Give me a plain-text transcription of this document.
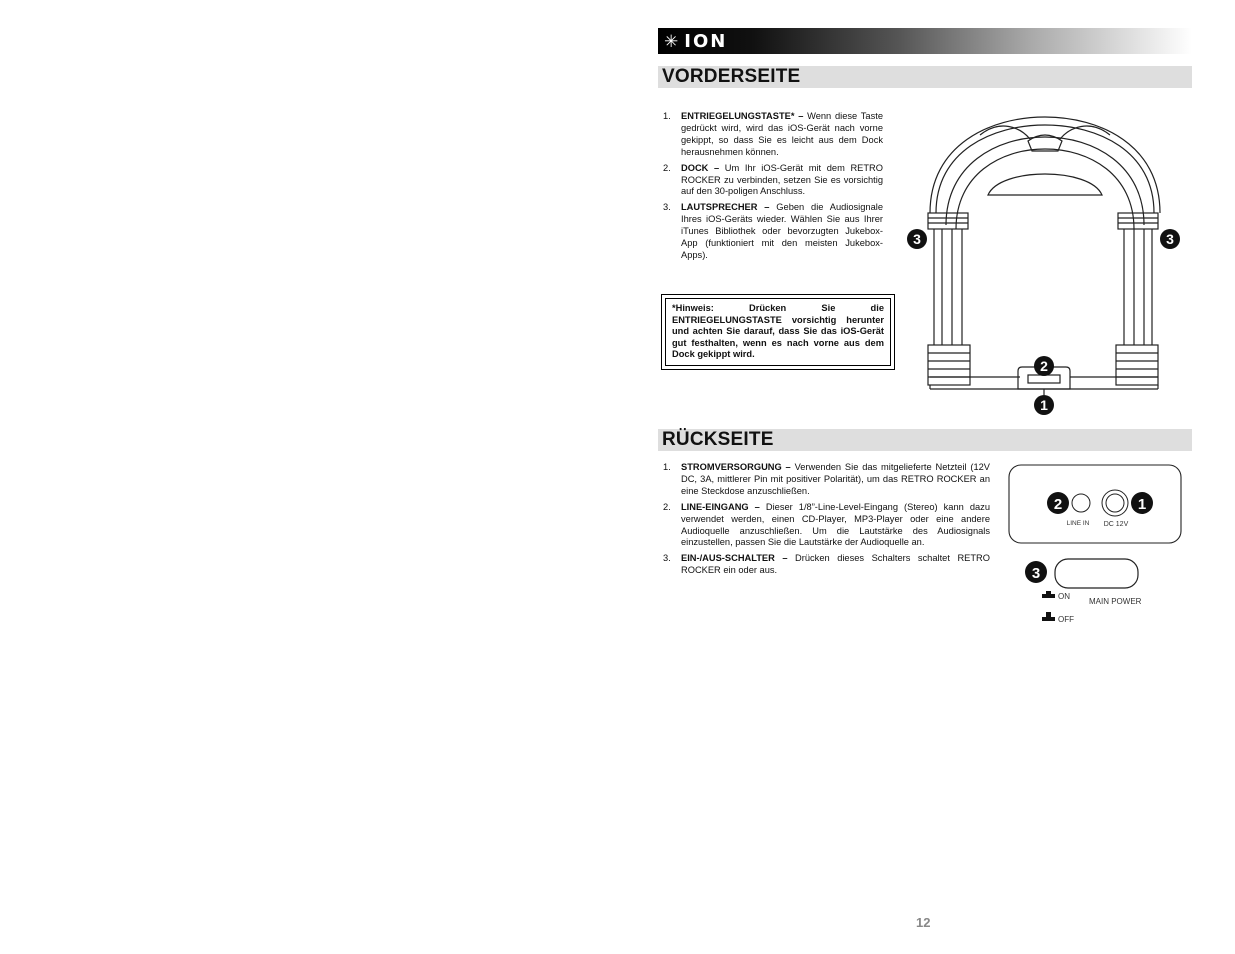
✳ ION
VORDERSEITE
1. ENTRIEGELUNGSTASTE* – Wenn diese Taste gedrückt wird, wird das iOS-Gerät nach vorne gekippt, so dass Sie es leicht aus dem Dock herausnehmen können.
2. DOCK – Um Ihr iOS-Gerät mit dem RETRO ROCKER zu verbinden, setzen Sie es vorsichtig auf den 30-poligen Anschluss.
3. LAUTSPRECHER – Geben die Audiosignale Ihres iOS-Geräts wieder. Wählen Sie aus Ihrer iTunes Bibliothek oder bevorzugten Jukebox-App (funktioniert mit den meisten Jukebox-Apps).
*Hinweis: Drücken Sie die ENTRIEGELUNGSTASTE vorsichtig herunter und achten Sie darauf, dass Sie das iOS-Gerät gut festhalten, wenn es nach vorne aus dem Dock gekippt wird.
3	3
2
1
RÜCKSEITE
1. STROMVERSORGUNG – Verwenden Sie das mitgelieferte Netzteil (12V DC, 3A, mittlerer Pin mit positiver Polarität), um das RETRO ROCKER an eine Steckdose anzuschließen.
2. LINE-EINGANG – Dieser 1/8”-Line-Level-Eingang (Stereo) kann dazu verwendet werden, einen CD-Player, MP3-Player oder eine andere Audioquelle anzuschließen. Um die Lautstärke des Audiosignals einzustellen, passen Sie die Lautstärke der Audioquelle an.
3. EIN-/AUS-SCHALTER – Drücken dieses Schalters schaltet RETRO ROCKER ein oder aus.
LINE IN DC 12V
2	1
3
ON
MAIN POWER
OFF
12
